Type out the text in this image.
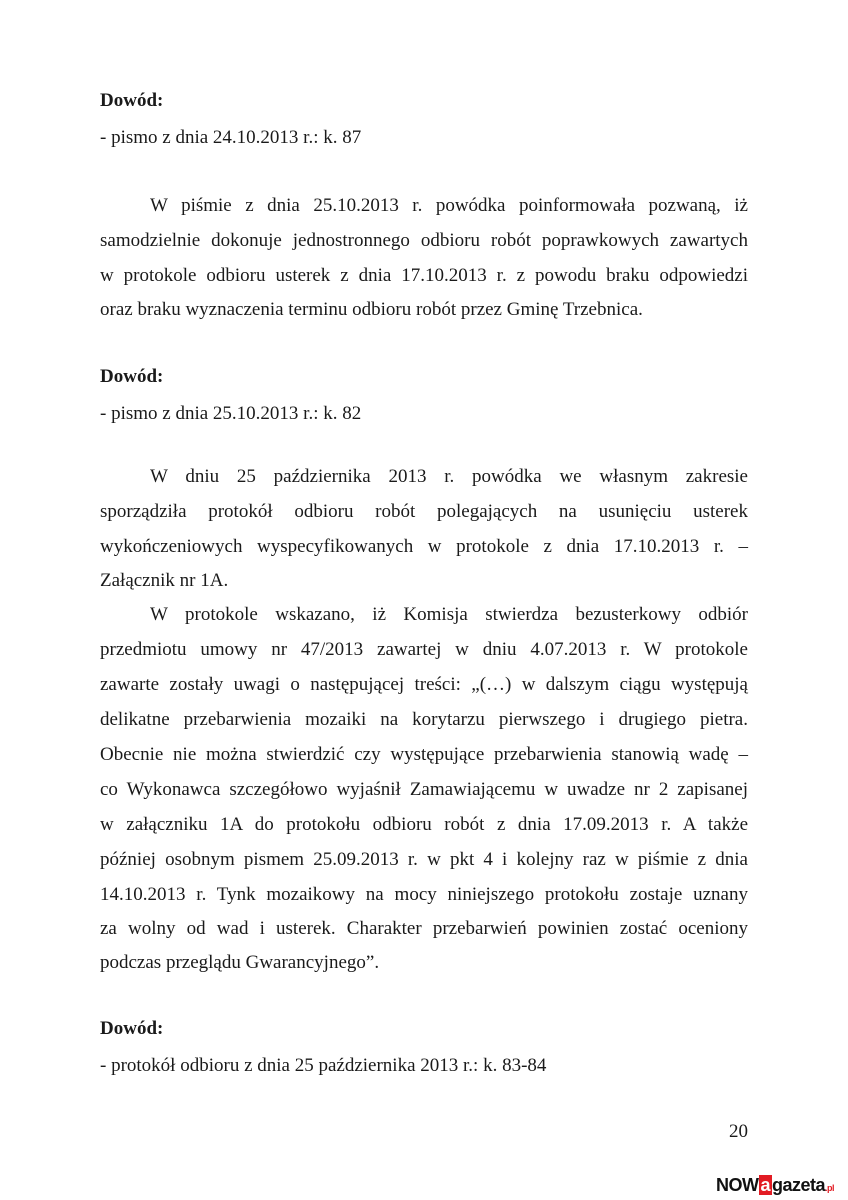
Dowód:
- pismo z dnia 24.10.2013 r.: k. 87
W piśmie z dnia 25.10.2013 r. powódka poinformowała pozwaną, iż
samodzielnie dokonuje jednostronnego odbioru robót poprawkowych zawartych
w protokole odbioru usterek z dnia 17.10.2013 r. z powodu braku odpowiedzi
oraz braku wyznaczenia terminu odbioru robót przez Gminę Trzebnica.
Dowód:
- pismo z dnia 25.10.2013 r.: k. 82
W dniu 25 października 2013 r. powódka we własnym zakresie
sporządziła protokół odbioru robót polegających na usunięciu usterek
wykończeniowych wyspecyfikowanych w protokole z dnia 17.10.2013 r. –
Załącznik nr 1A.
W protokole wskazano, iż Komisja stwierdza bezusterkowy odbiór
przedmiotu umowy nr 47/2013 zawartej w dniu 4.07.2013 r. W protokole
zawarte zostały uwagi o następującej treści: „(…) w dalszym ciągu występują
delikatne przebarwienia mozaiki na korytarzu pierwszego i drugiego pietra.
Obecnie nie można stwierdzić czy występujące przebarwienia stanowią wadę –
co Wykonawca szczegółowo wyjaśnił Zamawiającemu w uwadze nr 2 zapisanej
w załączniku 1A do protokołu odbioru robót z dnia 17.09.2013 r. A także
później osobnym pismem 25.09.2013 r. w pkt 4 i kolejny raz w piśmie z dnia
14.10.2013 r. Tynk mozaikowy na mocy niniejszego protokołu zostaje uznany
za wolny od wad i usterek. Charakter przebarwień powinien zostać oceniony
podczas przeglądu Gwarancyjnego”.
Dowód:
- protokół odbioru z dnia 25 października 2013 r.: k. 83-84
20
NOW a gazeta.pl
